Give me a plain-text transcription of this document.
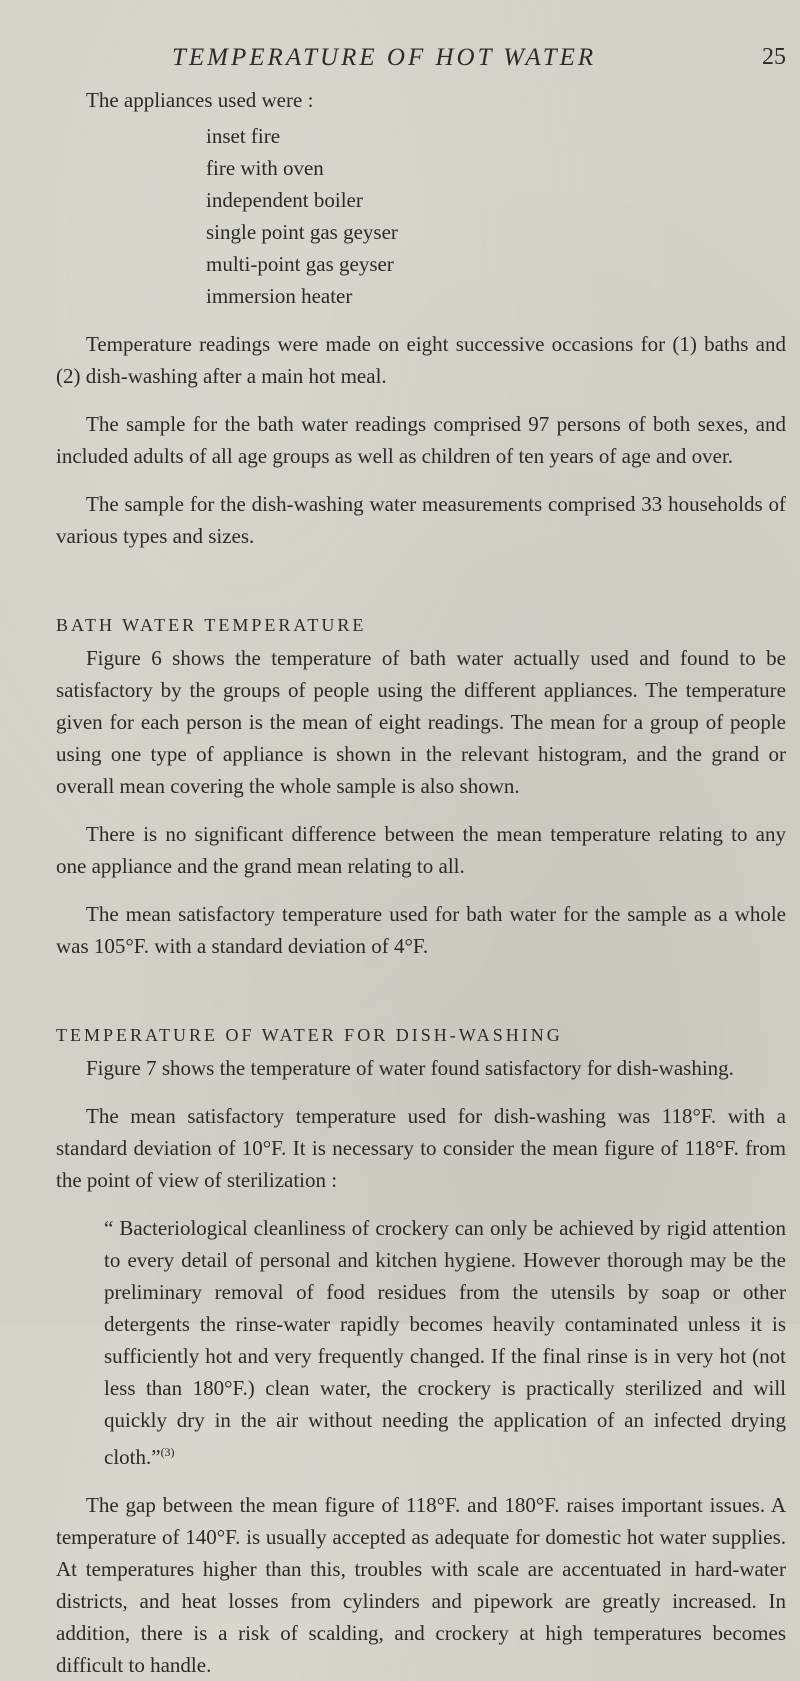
TEMPERATURE OF HOT WATER	25

The appliances used were :

inset fire
fire with oven
independent boiler
single point gas geyser
multi-point gas geyser
immersion heater

Temperature readings were made on eight successive occasions for (1) baths and (2) dish-washing after a main hot meal.

The sample for the bath water readings comprised 97 persons of both sexes, and included adults of all age groups as well as children of ten years of age and over.

The sample for the dish-washing water measurements comprised 33 households of various types and sizes.

BATH WATER TEMPERATURE

Figure 6 shows the temperature of bath water actually used and found to be satisfactory by the groups of people using the different appliances. The temperature given for each person is the mean of eight readings. The mean for a group of people using one type of appliance is shown in the relevant histogram, and the grand or overall mean covering the whole sample is also shown.

There is no significant difference between the mean temperature relating to any one appliance and the grand mean relating to all.

The mean satisfactory temperature used for bath water for the sample as a whole was 105°F. with a standard deviation of 4°F.

TEMPERATURE OF WATER FOR DISH-WASHING

Figure 7 shows the temperature of water found satisfactory for dish-washing.

The mean satisfactory temperature used for dish-washing was 118°F. with a standard deviation of 10°F. It is necessary to consider the mean figure of 118°F. from the point of view of sterilization :

“ Bacteriological cleanliness of crockery can only be achieved by rigid attention to every detail of personal and kitchen hygiene. However thorough may be the preliminary removal of food residues from the utensils by soap or other detergents the rinse-water rapidly becomes heavily contaminated unless it is sufficiently hot and very frequently changed. If the final rinse is in very hot (not less than 180°F.) clean water, the crockery is practically sterilized and will quickly dry in the air without needing the application of an infected drying cloth.”$^{(3)}$

The gap between the mean figure of 118°F. and 180°F. raises important issues. A temperature of 140°F. is usually accepted as adequate for domestic hot water supplies. At temperatures higher than this, troubles with scale are accentuated in hard-water districts, and heat losses from cylinders and pipework are greatly increased. In addition, there is a risk of scalding, and crockery at high temperatures becomes difficult to handle.
